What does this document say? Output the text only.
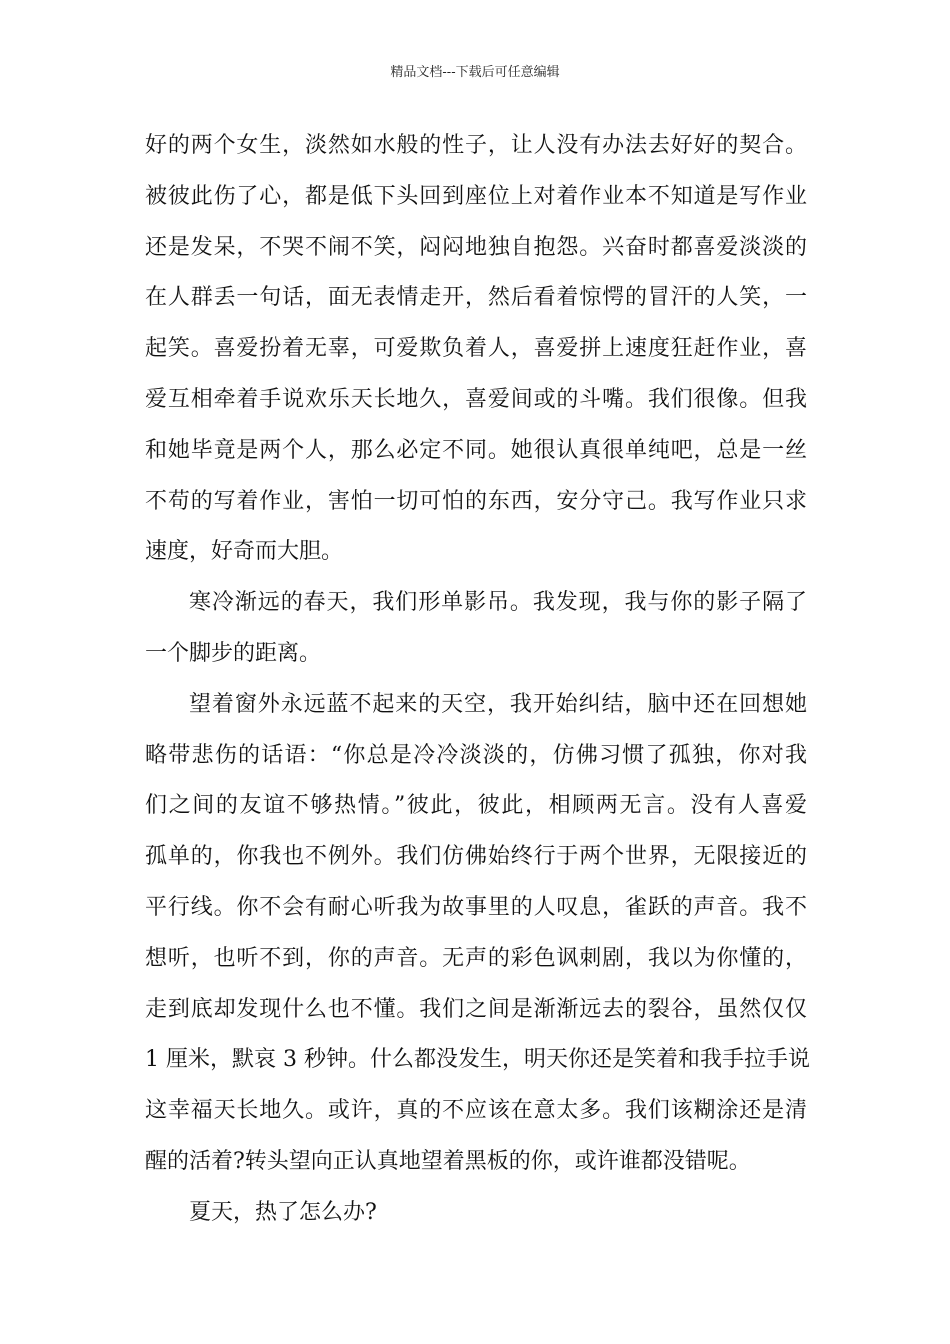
精品文档---下载后可任意编辑
好的两个女生，淡然如水般的性子，让人没有办法去好好的契合。
被彼此伤了心，都是低下头回到座位上对着作业本不知道是写作业
还是发呆，不哭不闹不笑，闷闷地独自抱怨。兴奋时都喜爱淡淡的
在人群丢一句话，面无表情走开，然后看着惊愕的冒汗的人笑，一
起笑。喜爱扮着无辜，可爱欺负着人，喜爱拼上速度狂赶作业，喜
爱互相牵着手说欢乐天长地久，喜爱间或的斗嘴。我们很像。但我
和她毕竟是两个人，那么必定不同。她很认真很单纯吧，总是一丝
不苟的写着作业，害怕一切可怕的东西，安分守己。我写作业只求
速度，好奇而大胆。
寒冷渐远的春天，我们形单影吊。我发现，我与你的影子隔了
一个脚步的距离。
望着窗外永远蓝不起来的天空，我开始纠结，脑中还在回想她
略带悲伤的话语：“你总是冷冷淡淡的，仿佛习惯了孤独，你对我
们之间的友谊不够热情。”彼此，彼此，相顾两无言。没有人喜爱
孤单的，你我也不例外。我们仿佛始终行于两个世界，无限接近的
平行线。你不会有耐心听我为故事里的人叹息，雀跃的声音。我不
想听，也听不到，你的声音。无声的彩色讽刺剧，我以为你懂的，
走到底却发现什么也不懂。我们之间是渐渐远去的裂谷，虽然仅仅
1 厘米，默哀 3 秒钟。什么都没发生，明天你还是笑着和我手拉手说
这幸福天长地久。或许，真的不应该在意太多。我们该糊涂还是清
醒的活着?转头望向正认真地望着黑板的你，或许谁都没错呢。
夏天，热了怎么办?
